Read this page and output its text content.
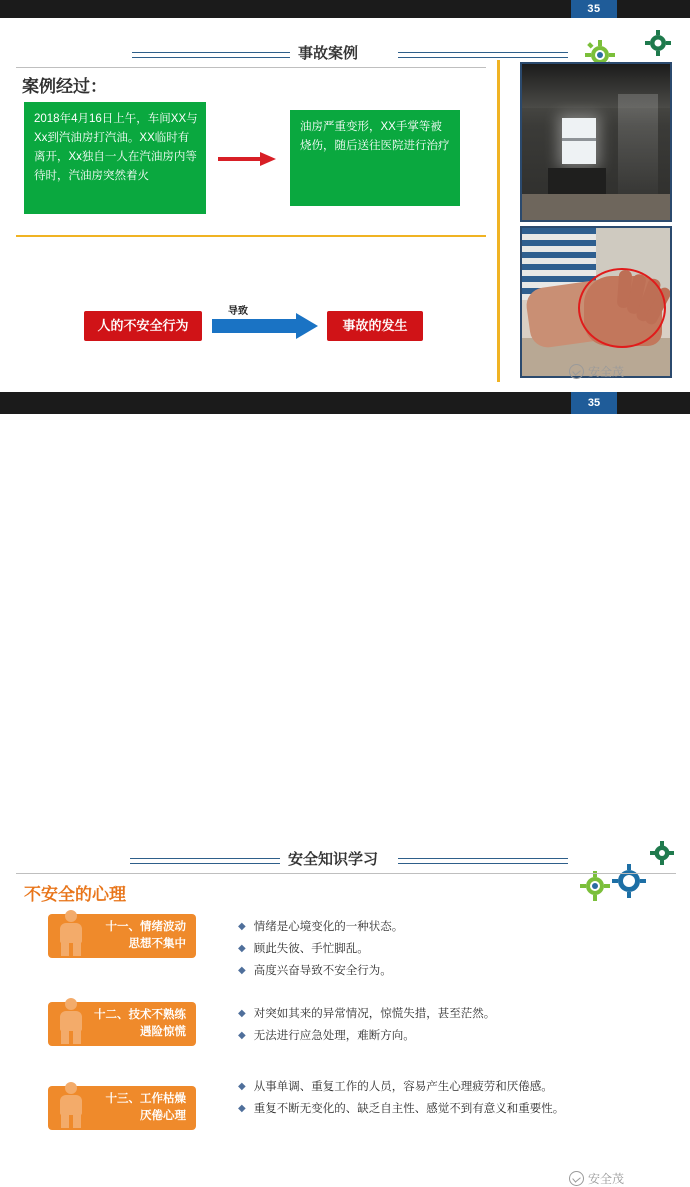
35
事故案例
案例经过：
2018年4月16日上午，车间XX与Xx到汽油房打汽油。XX临时有离开，Xx独自一人在汽油房内等待时，汽油房突然着火
油房严重变形，XX手掌等被烧伤，随后送往医院进行治疗
人的不安全行为
导致
事故的发生
安全茂
35
安全知识学习
不安全的心理
十一、情绪波动
思想不集中
◆ 情绪是心境变化的一种状态。
◆ 顾此失彼、手忙脚乱。
◆ 高度兴奋导致不安全行为。
十二、技术不熟练
遇险惊慌
◆ 对突如其来的异常情况，惊慌失措，甚至茫然。
◆ 无法进行应急处理，难断方向。
十三、工作枯燥
厌倦心理
◆ 从事单调、重复工作的人员，容易产生心理疲劳和厌倦感。
◆ 重复不断无变化的、缺乏自主性、感觉不到有意义和重要性。
安全茂
